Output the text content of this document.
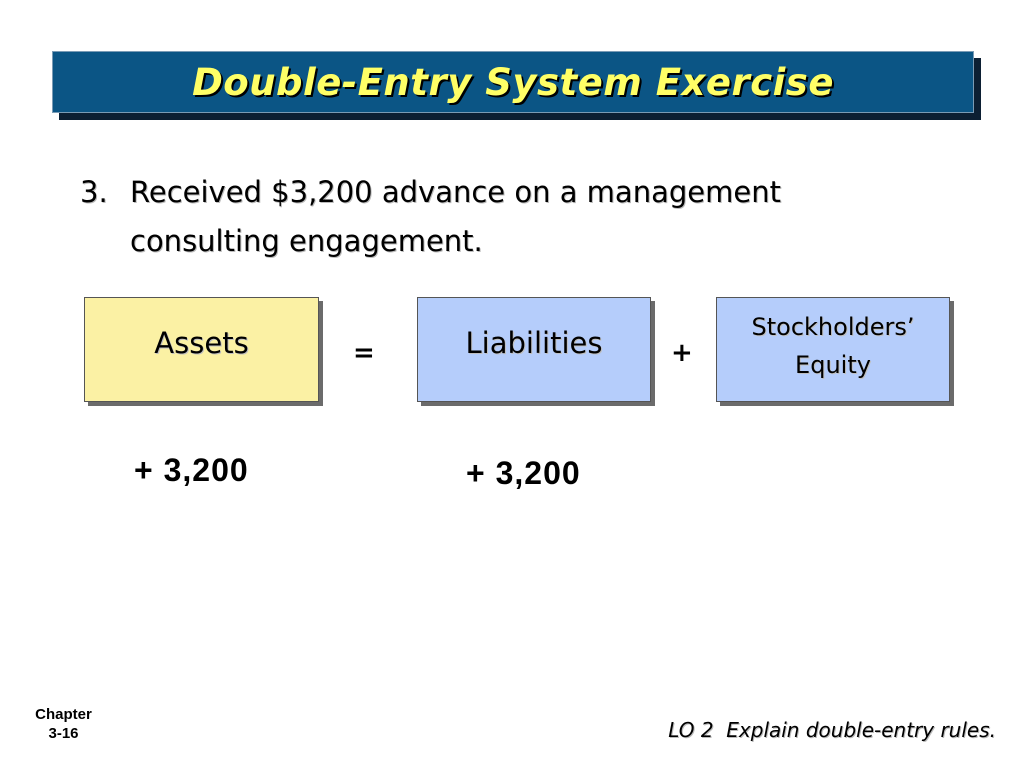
Double-Entry System Exercise
3. Received $3,200 advance on a management consulting engagement.
Assets	=	Liabilities	+
Stockholders’
Equity
+ 3,200	+ 3,200
Chapter
3-16	LO 2  Explain double-entry rules.
